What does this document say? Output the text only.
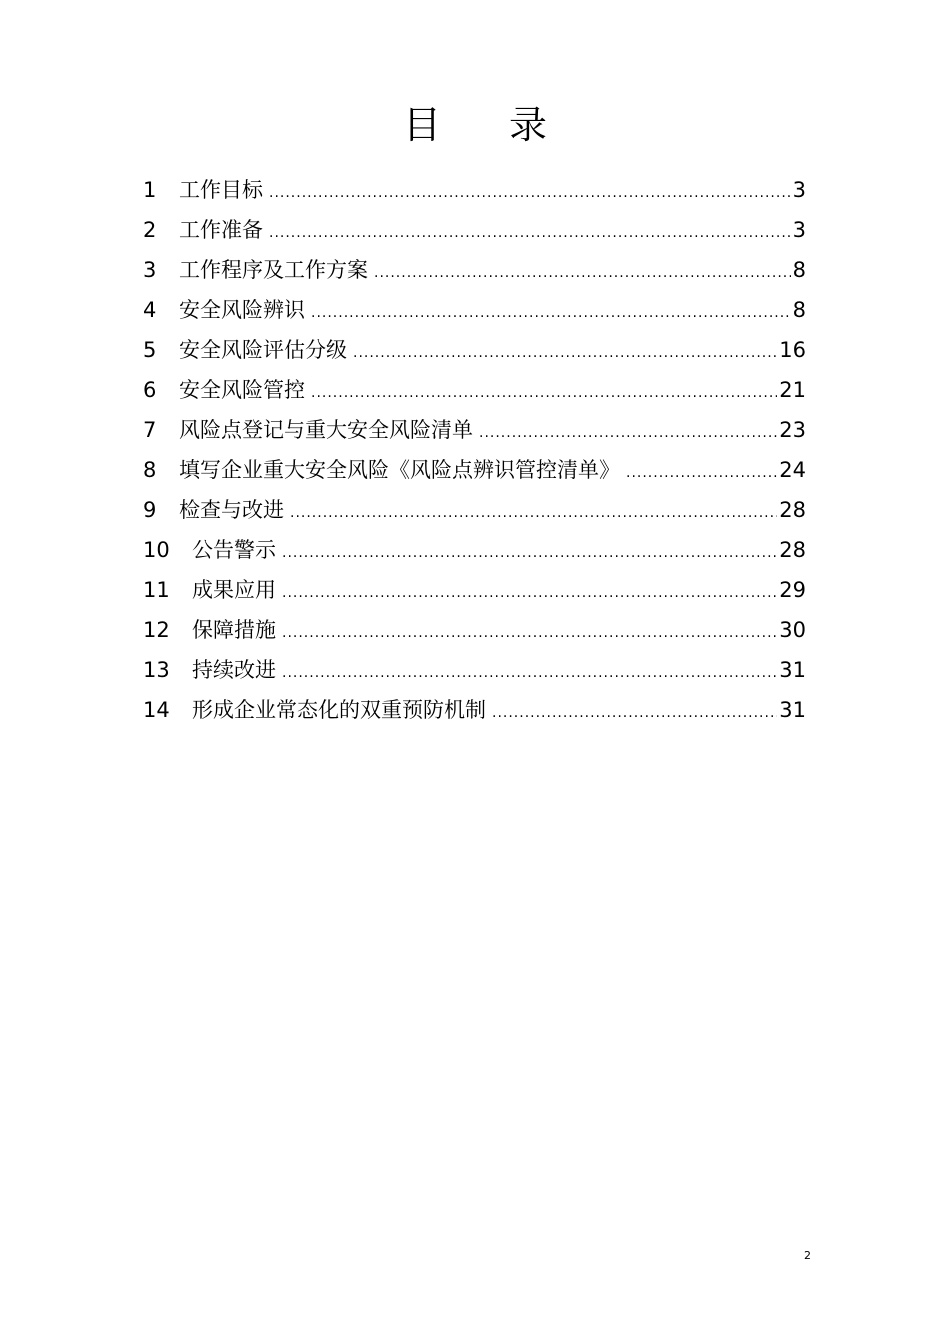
目 录
1	工作目标 .....	3
2	工作准备 .....	3
3	工作程序及工作方案 .....	8
4	安全风险辨识 .....	8
5	安全风险评估分级 .....	16
6	安全风险管控 .....	21
7	风险点登记与重大安全风险清单 .....	23
8	填写企业重大安全风险《风险点辨识管控清单》 .....	24
9	检查与改进 .....	28
10	公告警示 .....	28
11	成果应用 .....	29
12	保障措施 .....	30
13	持续改进 .....	31
14	形成企业常态化的双重预防机制 .....	31
2
